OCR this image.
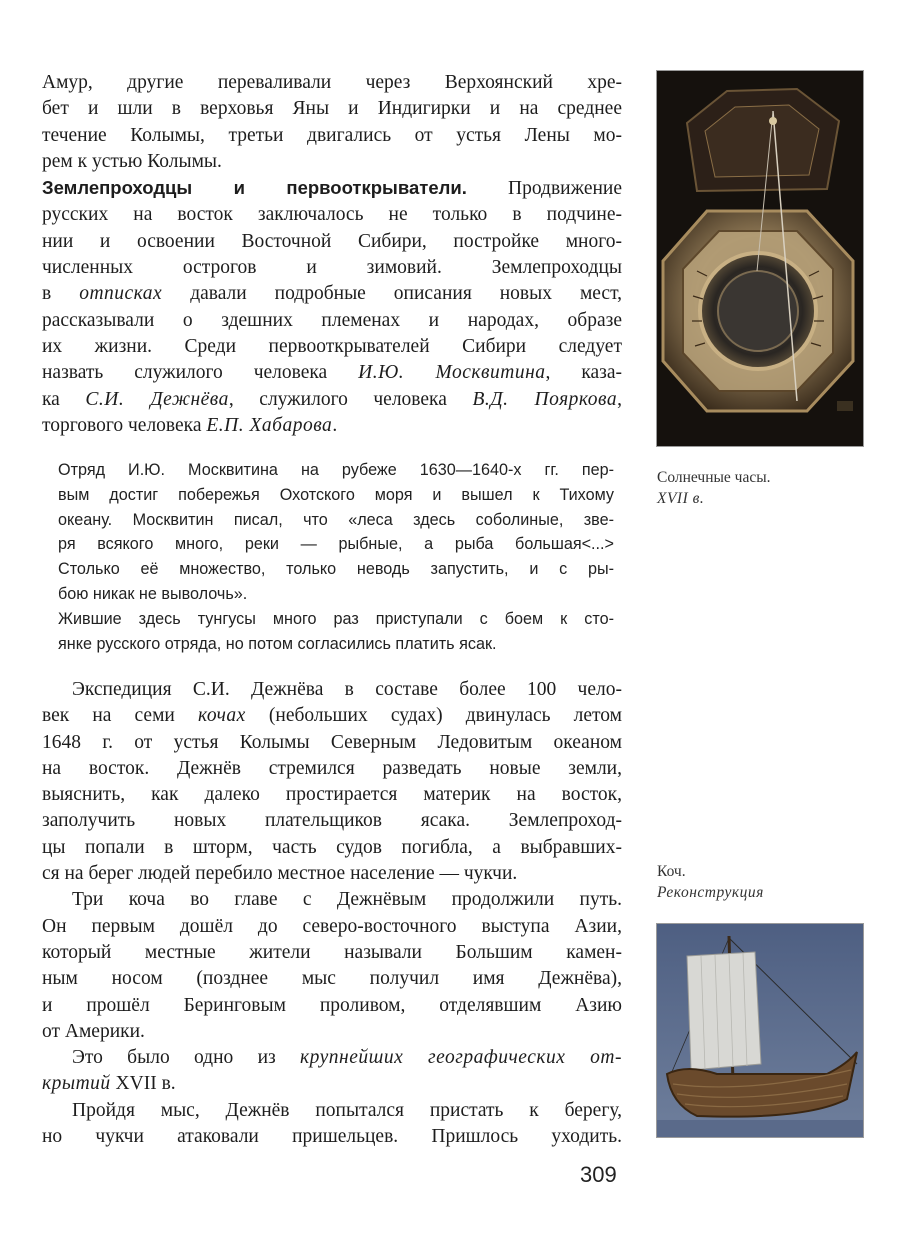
Амур, другие переваливали через Верхоянский хре-
бет и шли в верховья Яны и Индигирки и на среднее
течение Колымы, третьи двигались от устья Лены мо-
рем к устью Колымы.
Землепроходцы и первооткрыватели. Продвижение
русских на восток заключалось не только в подчине-
нии и освоении Восточной Сибири, постройке много-
численных острогов и зимовий. Землепроходцы
в отписках давали подробные описания новых мест,
рассказывали о здешних племенах и народах, образе
их жизни. Среди первооткрывателей Сибири следует
назвать служилого человека И.Ю. Москвитина, каза-
ка С.И. Дежнёва, служилого человека В.Д. Пояркова,
торгового человека Е.П. Хабарова.
Отряд И.Ю. Москвитина на рубеже 1630—1640-х гг. пер-
вым достиг побережья Охотского моря и вышел к Тихому
океану. Москвитин писал, что «леса здесь соболиные, зве-
ря всякого много, реки — рыбные, а рыба большая<...>
Столько её множество, только неводь запустить, и с ры-
бою никак не выволочь».
Жившие здесь тунгусы много раз приступали с боем к сто-
янке русского отряда, но потом согласились платить ясак.
Экспедиция С.И. Дежнёва в составе более 100 чело-
век на семи кочах (небольших судах) двинулась летом
1648 г. от устья Колымы Северным Ледовитым океаном
на восток. Дежнёв стремился разведать новые земли,
выяснить, как далеко простирается материк на восток,
заполучить новых плательщиков ясака. Землепроход-
цы попали в шторм, часть судов погибла, а выбравших-
ся на берег людей перебило местное население — чукчи.
Три коча во главе с Дежнёвым продолжили путь.
Он первым дошёл до северо-восточного выступа Азии,
который местные жители называли Большим камен-
ным носом (позднее мыс получил имя Дежнёва),
и прошёл Беринговым проливом, отделявшим Азию
от Америки.
Это было одно из крупнейших географических от-
крытий XVII в.
Пройдя мыс, Дежнёв попытался пристать к берегу,
но чукчи атаковали пришельцев. Пришлось уходить.
Солнечные часы.
XVII в.
Коч.
Реконструкция
309
